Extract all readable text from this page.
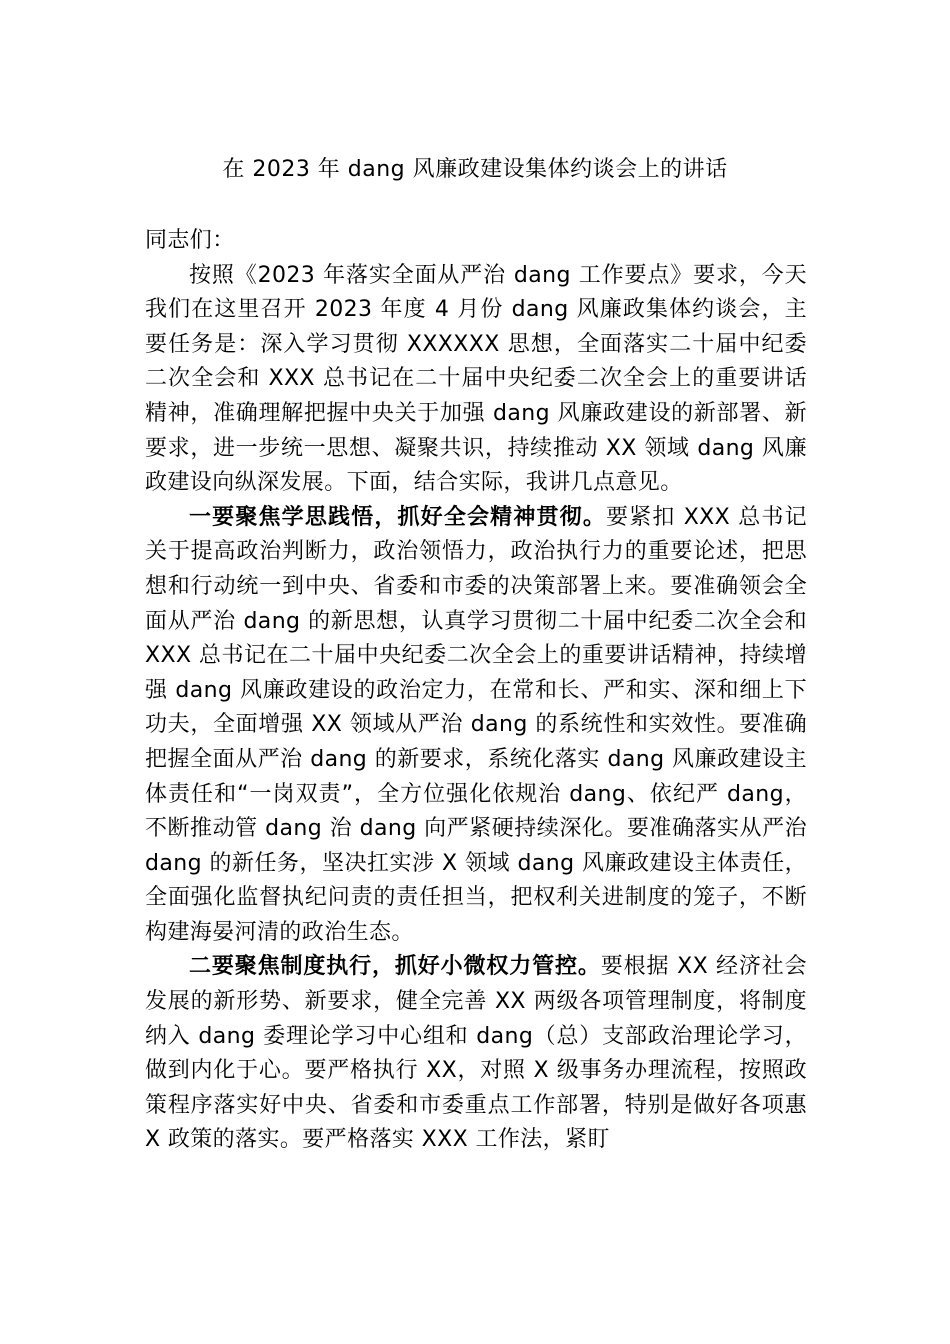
在 2023 年 dang 风廉政建设集体约谈会上的讲话

同志们：

按照《2023 年落实全面从严治 dang 工作要点》要求，今天我们在这里召开 2023 年度 4 月份 dang 风廉政集体约谈会，主要任务是：深入学习贯彻 XXXXXX 思想，全面落实二十届中纪委二次全会和 XXX 总书记在二十届中央纪委二次全会上的重要讲话精神，准确理解把握中央关于加强 dang 风廉政建设的新部署、新要求，进一步统一思想、凝聚共识，持续推动 XX 领域 dang 风廉政建设向纵深发展。下面，结合实际，我讲几点意见。

一要聚焦学思践悟，抓好全会精神贯彻。要紧扣 XXX 总书记关于提高政治判断力，政治领悟力，政治执行力的重要论述，把思想和行动统一到中央、省委和市委的决策部署上来。要准确领会全面从严治 dang 的新思想，认真学习贯彻二十届中纪委二次全会和 XXX 总书记在二十届中央纪委二次全会上的重要讲话精神，持续增强 dang 风廉政建设的政治定力，在常和长、严和实、深和细上下功夫，全面增强 XX 领域从严治 dang 的系统性和实效性。要准确把握全面从严治 dang 的新要求，系统化落实 dang 风廉政建设主体责任和“一岗双责”，全方位强化依规治 dang、依纪严 dang，不断推动管 dang 治 dang 向严紧硬持续深化。要准确落实从严治 dang 的新任务，坚决扛实涉 X 领域 dang 风廉政建设主体责任，全面强化监督执纪问责的责任担当，把权利关进制度的笼子，不断构建海晏河清的政治生态。

二要聚焦制度执行，抓好小微权力管控。要根据 XX 经济社会发展的新形势、新要求，健全完善 XX 两级各项管理制度，将制度纳入 dang 委理论学习中心组和 dang（总）支部政治理论学习，做到内化于心。要严格执行 XX，对照 X 级事务办理流程，按照政策程序落实好中央、省委和市委重点工作部署，特别是做好各项惠 X 政策的落实。要严格落实 XXX 工作法，紧盯
